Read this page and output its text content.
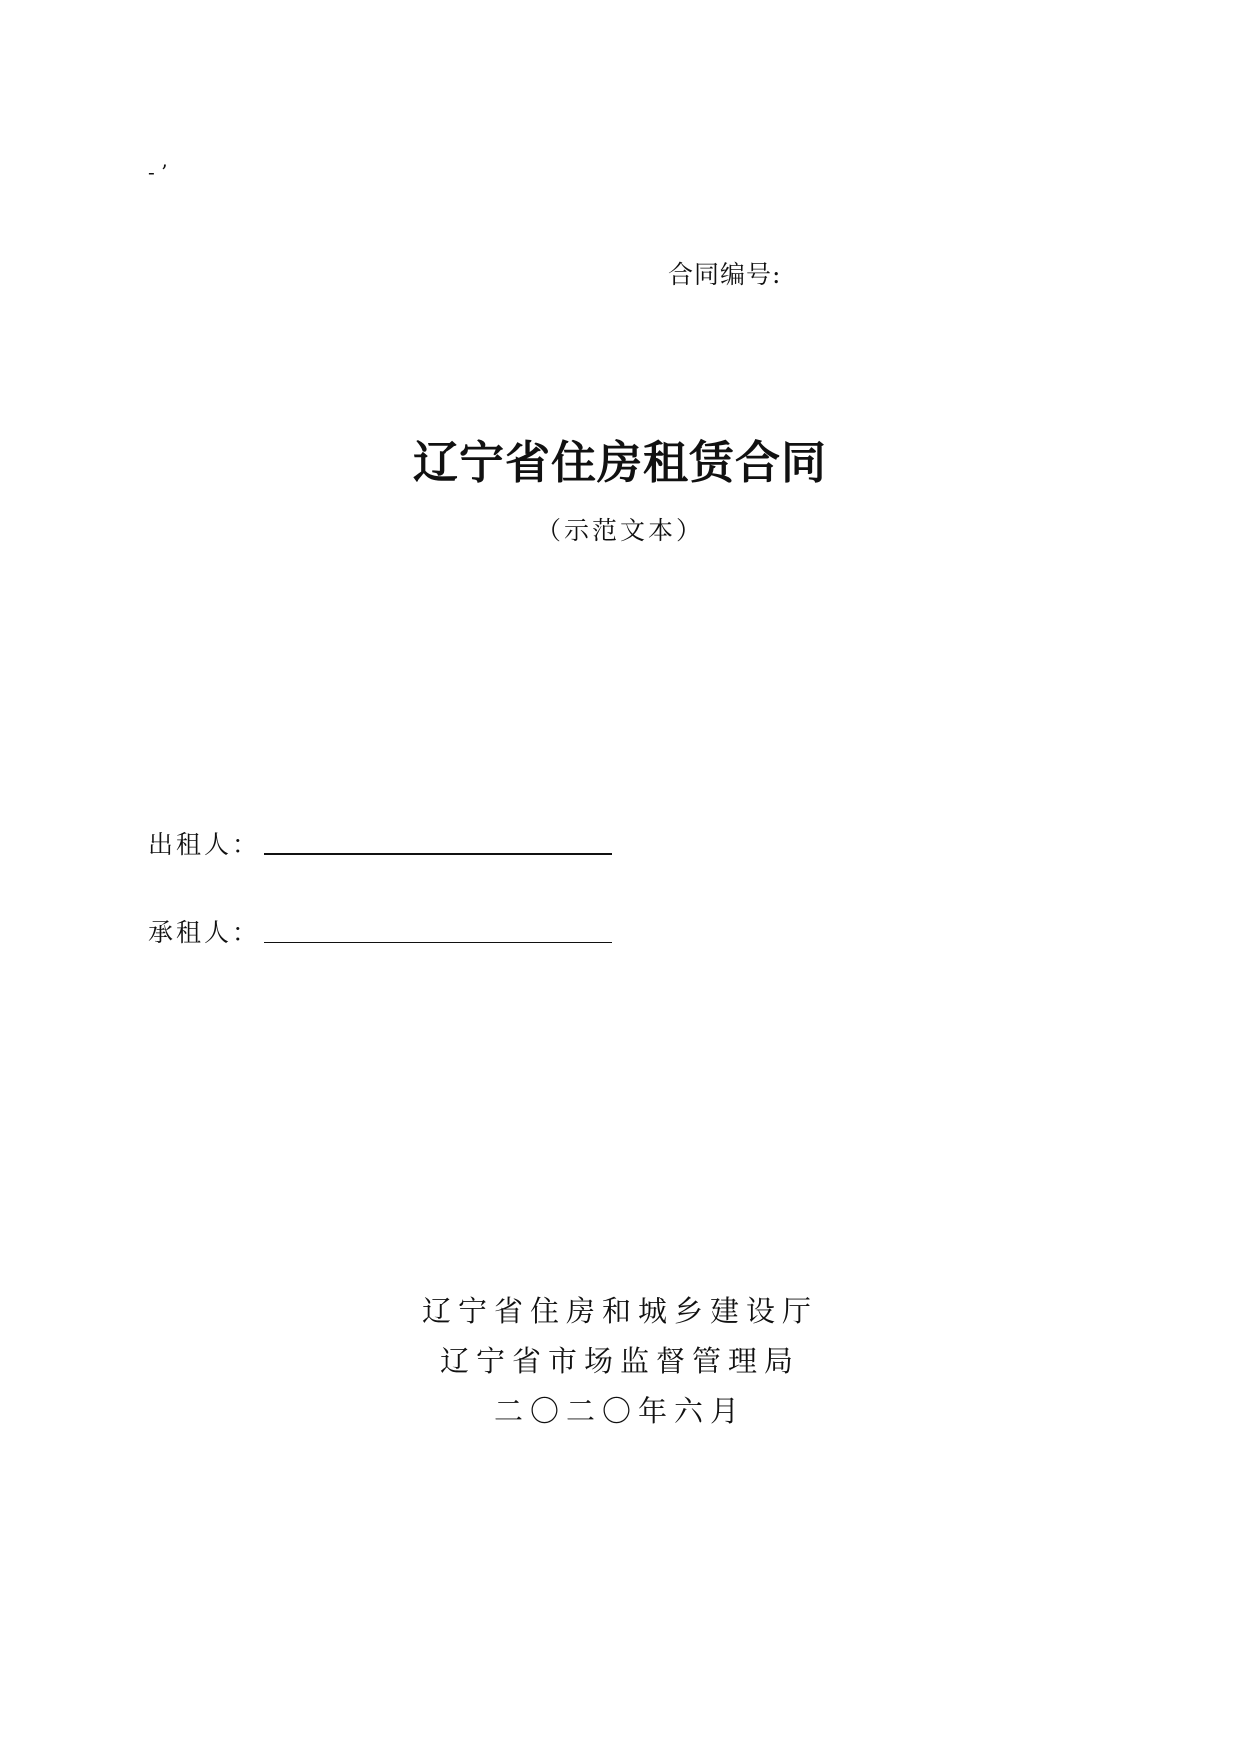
- ’
合同编号:
辽宁省住房租赁合同
（示范文本）
出租人：
承租人：
辽宁省住房和城乡建设厅
辽宁省市场监督管理局
二〇二〇年六月
